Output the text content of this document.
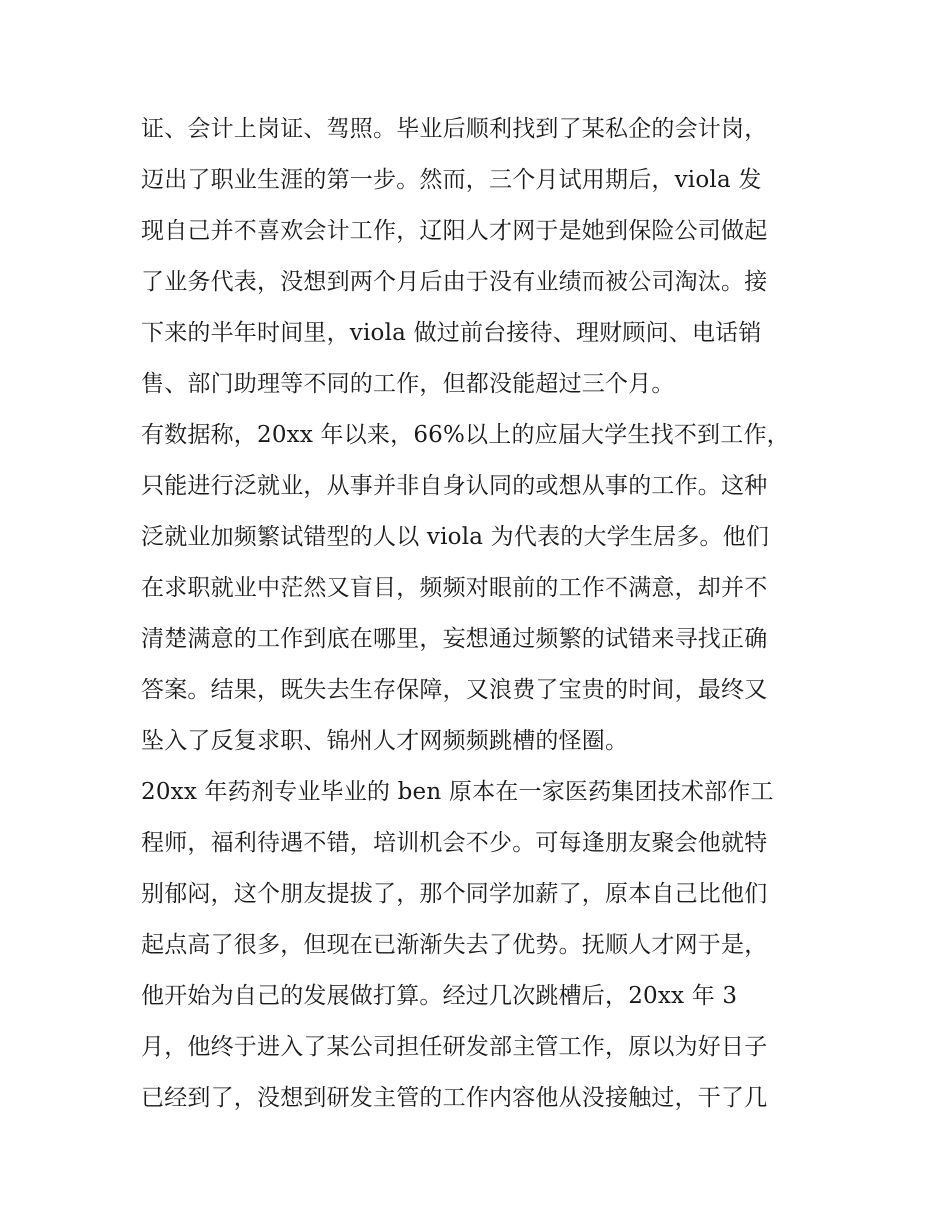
证、会计上岗证、驾照。毕业后顺利找到了某私企的会计岗，
迈出了职业生涯的第一步。然而，三个月试用期后，viola 发
现自己并不喜欢会计工作，辽阳人才网于是她到保险公司做起
了业务代表，没想到两个月后由于没有业绩而被公司淘汰。接
下来的半年时间里，viola 做过前台接待、理财顾问、电话销
售、部门助理等不同的工作，但都没能超过三个月。
有数据称，20xx 年以来，66%以上的应届大学生找不到工作，
只能进行泛就业，从事并非自身认同的或想从事的工作。这种
泛就业加频繁试错型的人以 viola 为代表的大学生居多。他们
在求职就业中茫然又盲目，频频对眼前的工作不满意，却并不
清楚满意的工作到底在哪里，妄想通过频繁的试错来寻找正确
答案。结果，既失去生存保障，又浪费了宝贵的时间，最终又
坠入了反复求职、锦州人才网频频跳槽的怪圈。
20xx 年药剂专业毕业的 ben 原本在一家医药集团技术部作工
程师，福利待遇不错，培训机会不少。可每逢朋友聚会他就特
别郁闷，这个朋友提拔了，那个同学加薪了，原本自己比他们
起点高了很多，但现在已渐渐失去了优势。抚顺人才网于是，
他开始为自己的发展做打算。经过几次跳槽后，20xx 年 3
月，他终于进入了某公司担任研发部主管工作，原以为好日子
已经到了，没想到研发主管的工作内容他从没接触过，干了几
